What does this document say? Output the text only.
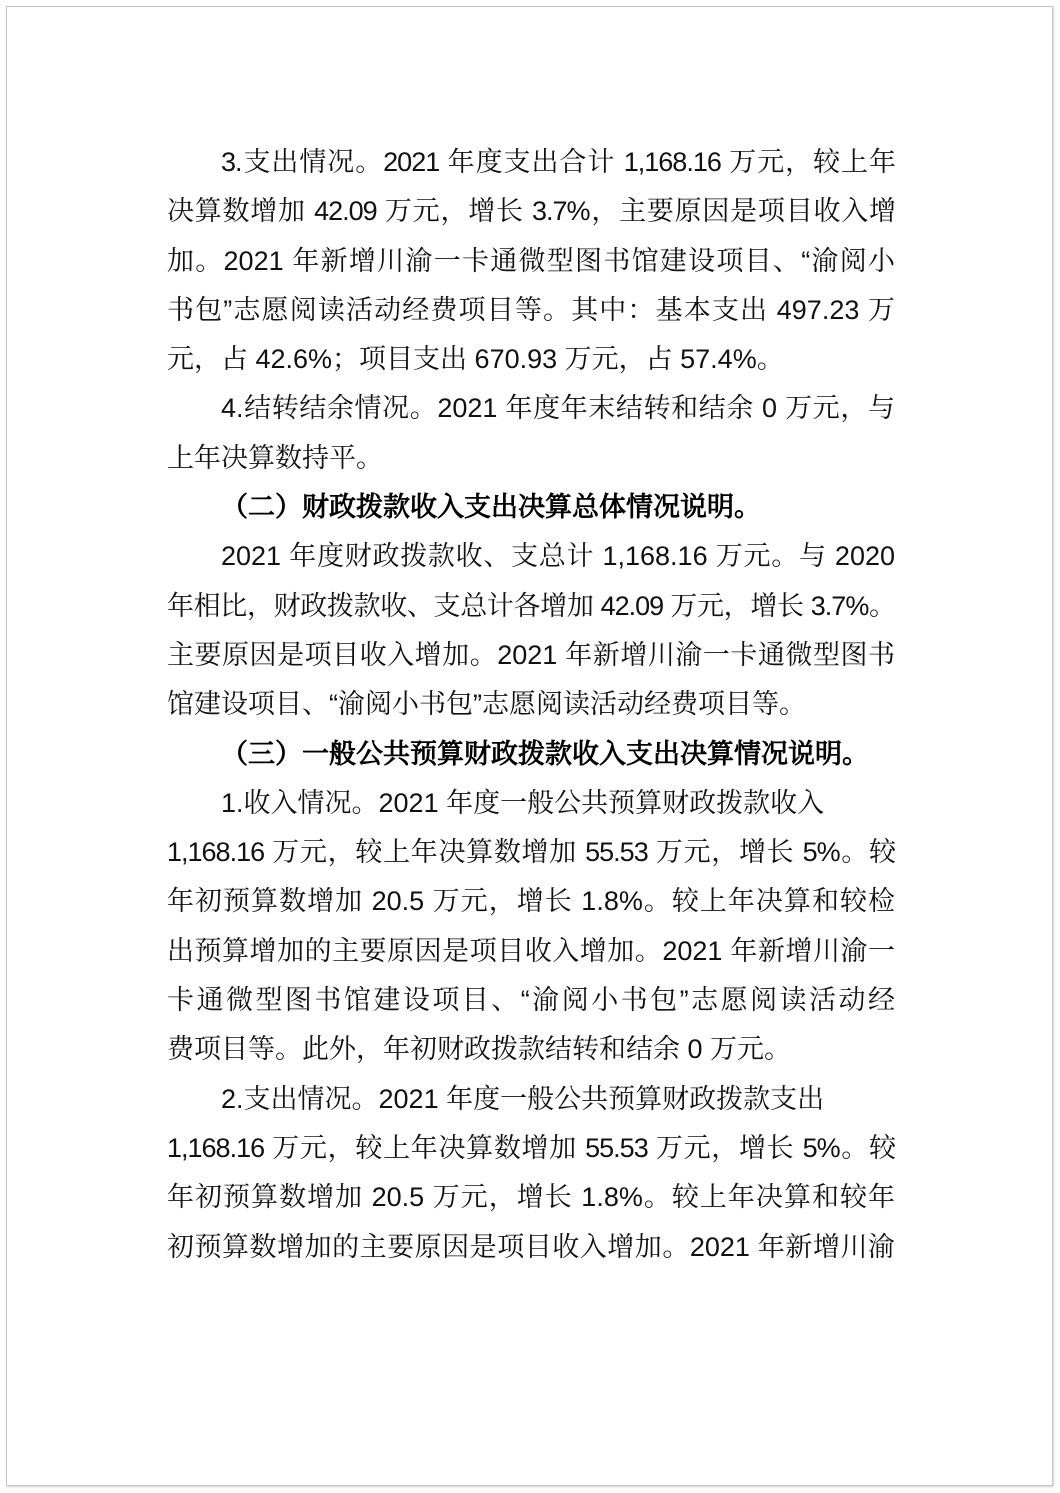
3.支出情况。2021 年度支出合计 1,168.16 万元，较上年
决算数增加 42.09 万元，增长 3.7%，主要原因是项目收入增
加。2021 年新增川渝一卡通微型图书馆建设项目、“渝阅小
书包”志愿阅读活动经费项目等。其中：基本支出 497.23 万
元，占 42.6%；项目支出 670.93 万元，占 57.4%。
4.结转结余情况。2021 年度年末结转和结余 0 万元，与
上年决算数持平。
（二）财政拨款收入支出决算总体情况说明。
2021 年度财政拨款收、支总计 1,168.16 万元。与 2020
年相比，财政拨款收、支总计各增加 42.09 万元，增长 3.7%。
主要原因是项目收入增加。2021 年新增川渝一卡通微型图书
馆建设项目、“渝阅小书包”志愿阅读活动经费项目等。
（三）一般公共预算财政拨款收入支出决算情况说明。
1.收入情况。2021 年度一般公共预算财政拨款收入
1,168.16 万元，较上年决算数增加 55.53 万元，增长 5%。较
年初预算数增加 20.5 万元，增长 1.8%。较上年决算和较检
出预算增加的主要原因是项目收入增加。2021 年新增川渝一
卡通微型图书馆建设项目、“渝阅小书包”志愿阅读活动经
费项目等。此外，年初财政拨款结转和结余 0 万元。
2.支出情况。2021 年度一般公共预算财政拨款支出
1,168.16 万元，较上年决算数增加 55.53 万元，增长 5%。较
年初预算数增加 20.5 万元，增长 1.8%。较上年决算和较年
初预算数增加的主要原因是项目收入增加。2021 年新增川渝
